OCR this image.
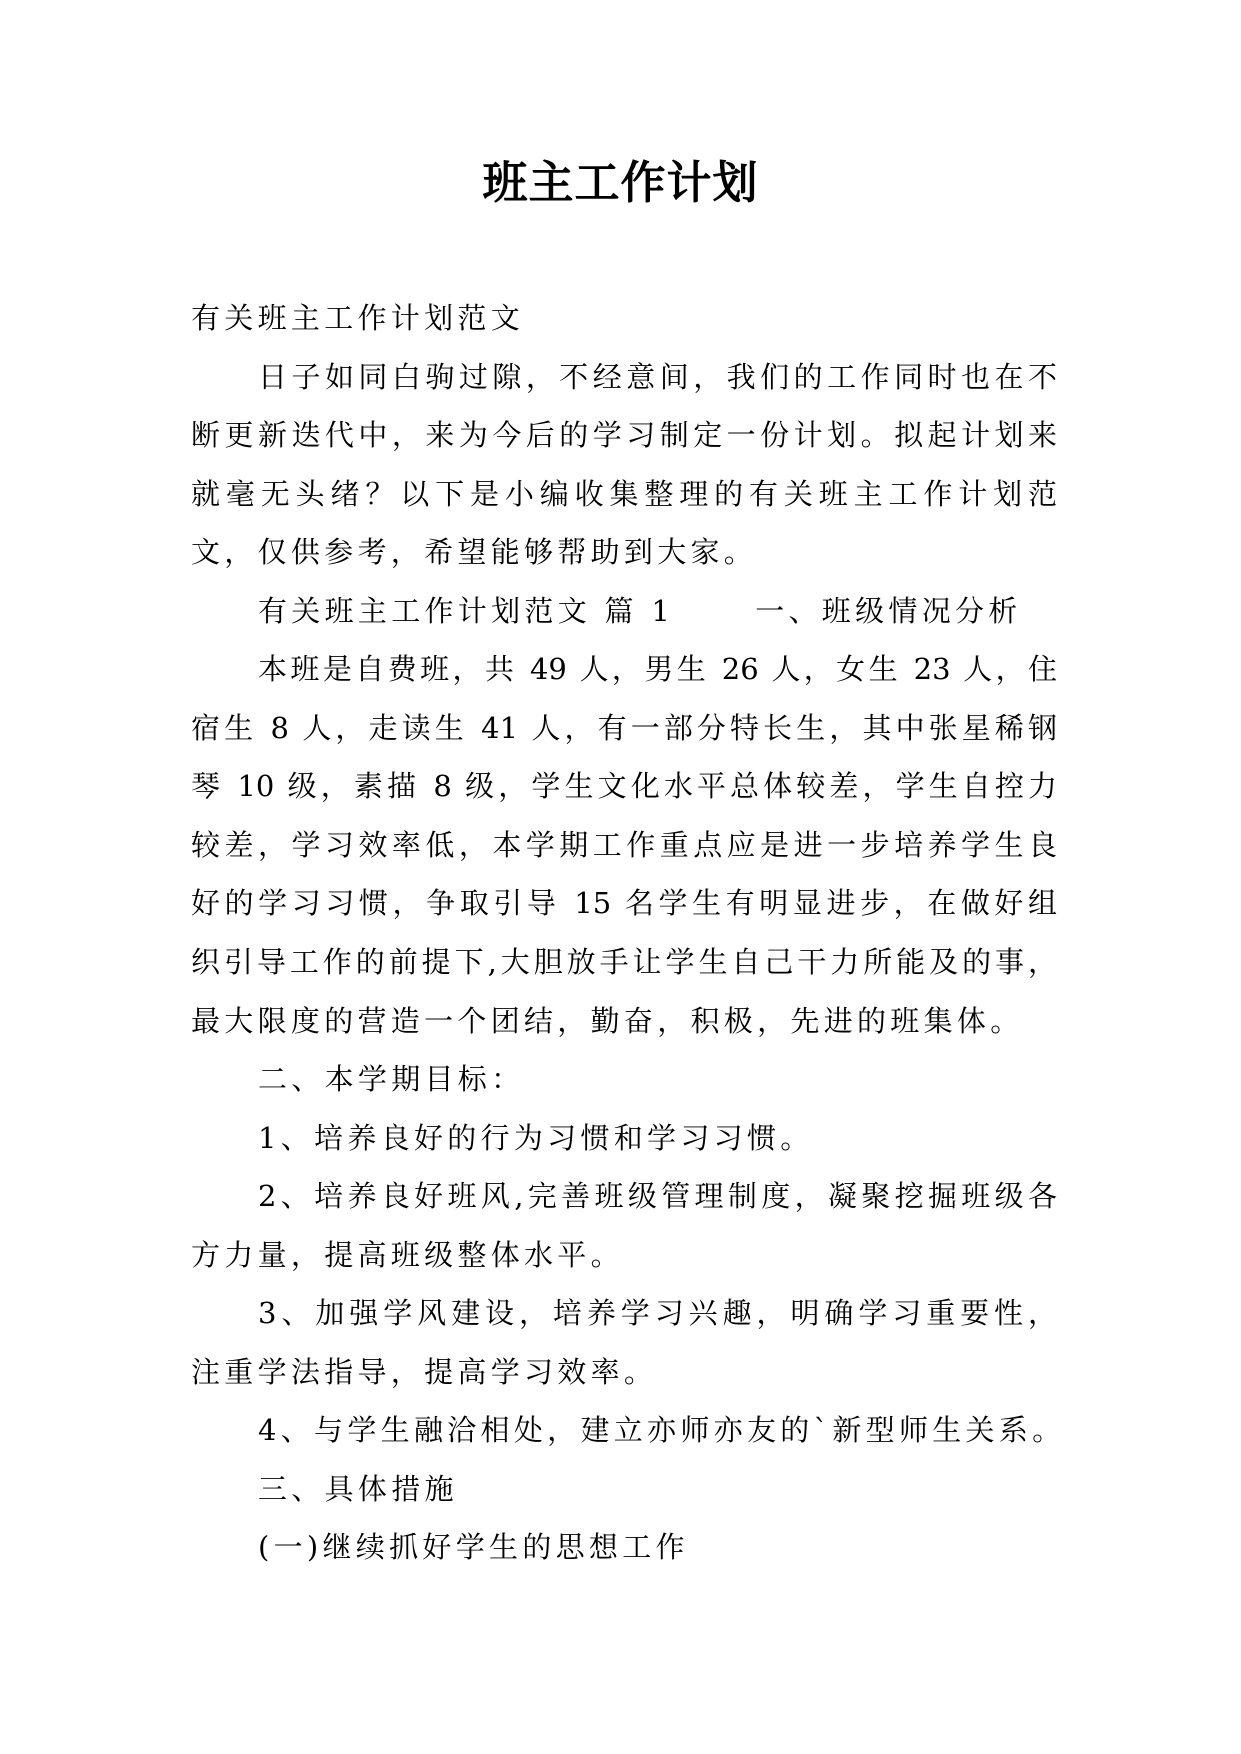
班主工作计划
有关班主工作计划范文
日子如同白驹过隙，不经意间，我们的工作同时也在不
断更新迭代中，来为今后的学习制定一份计划。拟起计划来
就毫无头绪？以下是小编收集整理的有关班主工作计划范
文，仅供参考，希望能够帮助到大家。
有关班主工作计划范文 篇 1      一、班级情况分析
本班是自费班，共 49 人，男生 26 人，女生 23 人，住
宿生 8 人，走读生 41 人，有一部分特长生，其中张星稀钢
琴 10 级，素描 8 级，学生文化水平总体较差，学生自控力
较差，学习效率低，本学期工作重点应是进一步培养学生良
好的学习习惯，争取引导 15 名学生有明显进步，在做好组
织引导工作的前提下,大胆放手让学生自己干力所能及的事，
最大限度的营造一个团结，勤奋，积极，先进的班集体。
二、本学期目标：
1、培养良好的行为习惯和学习习惯。
2、培养良好班风,完善班级管理制度，凝聚挖掘班级各
方力量，提高班级整体水平。
3、加强学风建设，培养学习兴趣，明确学习重要性，
注重学法指导，提高学习效率。
4、与学生融洽相处，建立亦师亦友的`新型师生关系。
三、具体措施
(一)继续抓好学生的思想工作
